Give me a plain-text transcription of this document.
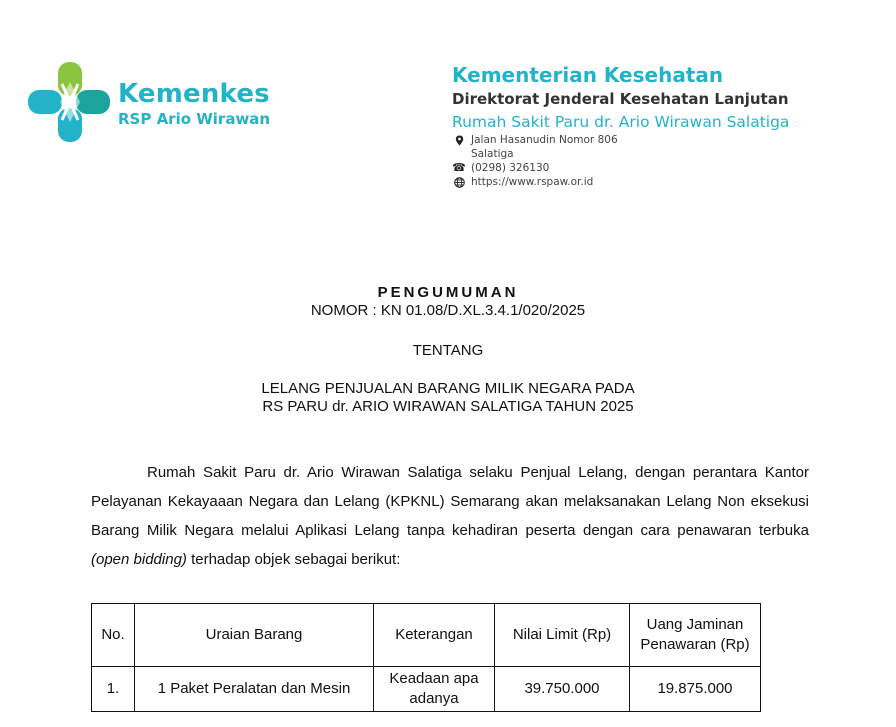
Kemenkes
RSP Ario Wirawan
Kementerian Kesehatan
Direktorat Jenderal Kesehatan Lanjutan
Rumah Sakit Paru dr. Ario Wirawan Salatiga
Jalan Hasanudin Nomor 806
Salatiga
☎ (0298) 326130
https://www.rspaw.or.id
PENGUMUMAN
NOMOR : KN 01.08/D.XL.3.4.1/020/2025
TENTANG
LELANG PENJUALAN BARANG MILIK NEGARA PADA
RS PARU dr. ARIO WIRAWAN SALATIGA TAHUN 2025
Rumah Sakit Paru dr. Ario Wirawan Salatiga selaku Penjual Lelang, dengan perantara Kantor Pelayanan Kekayaaan Negara dan Lelang (KPKNL) Semarang akan melaksanakan Lelang Non eksekusi Barang Milik Negara melalui Aplikasi Lelang tanpa kehadiran peserta dengan cara penawaran terbuka (open bidding) terhadap objek sebagai berikut:
No.	Uraian Barang	Keterangan	Nilai Limit (Rp)	Uang Jaminan Penawaran (Rp)
1.	1 Paket Peralatan dan Mesin	Keadaan apa adanya	39.750.000	19.875.000
